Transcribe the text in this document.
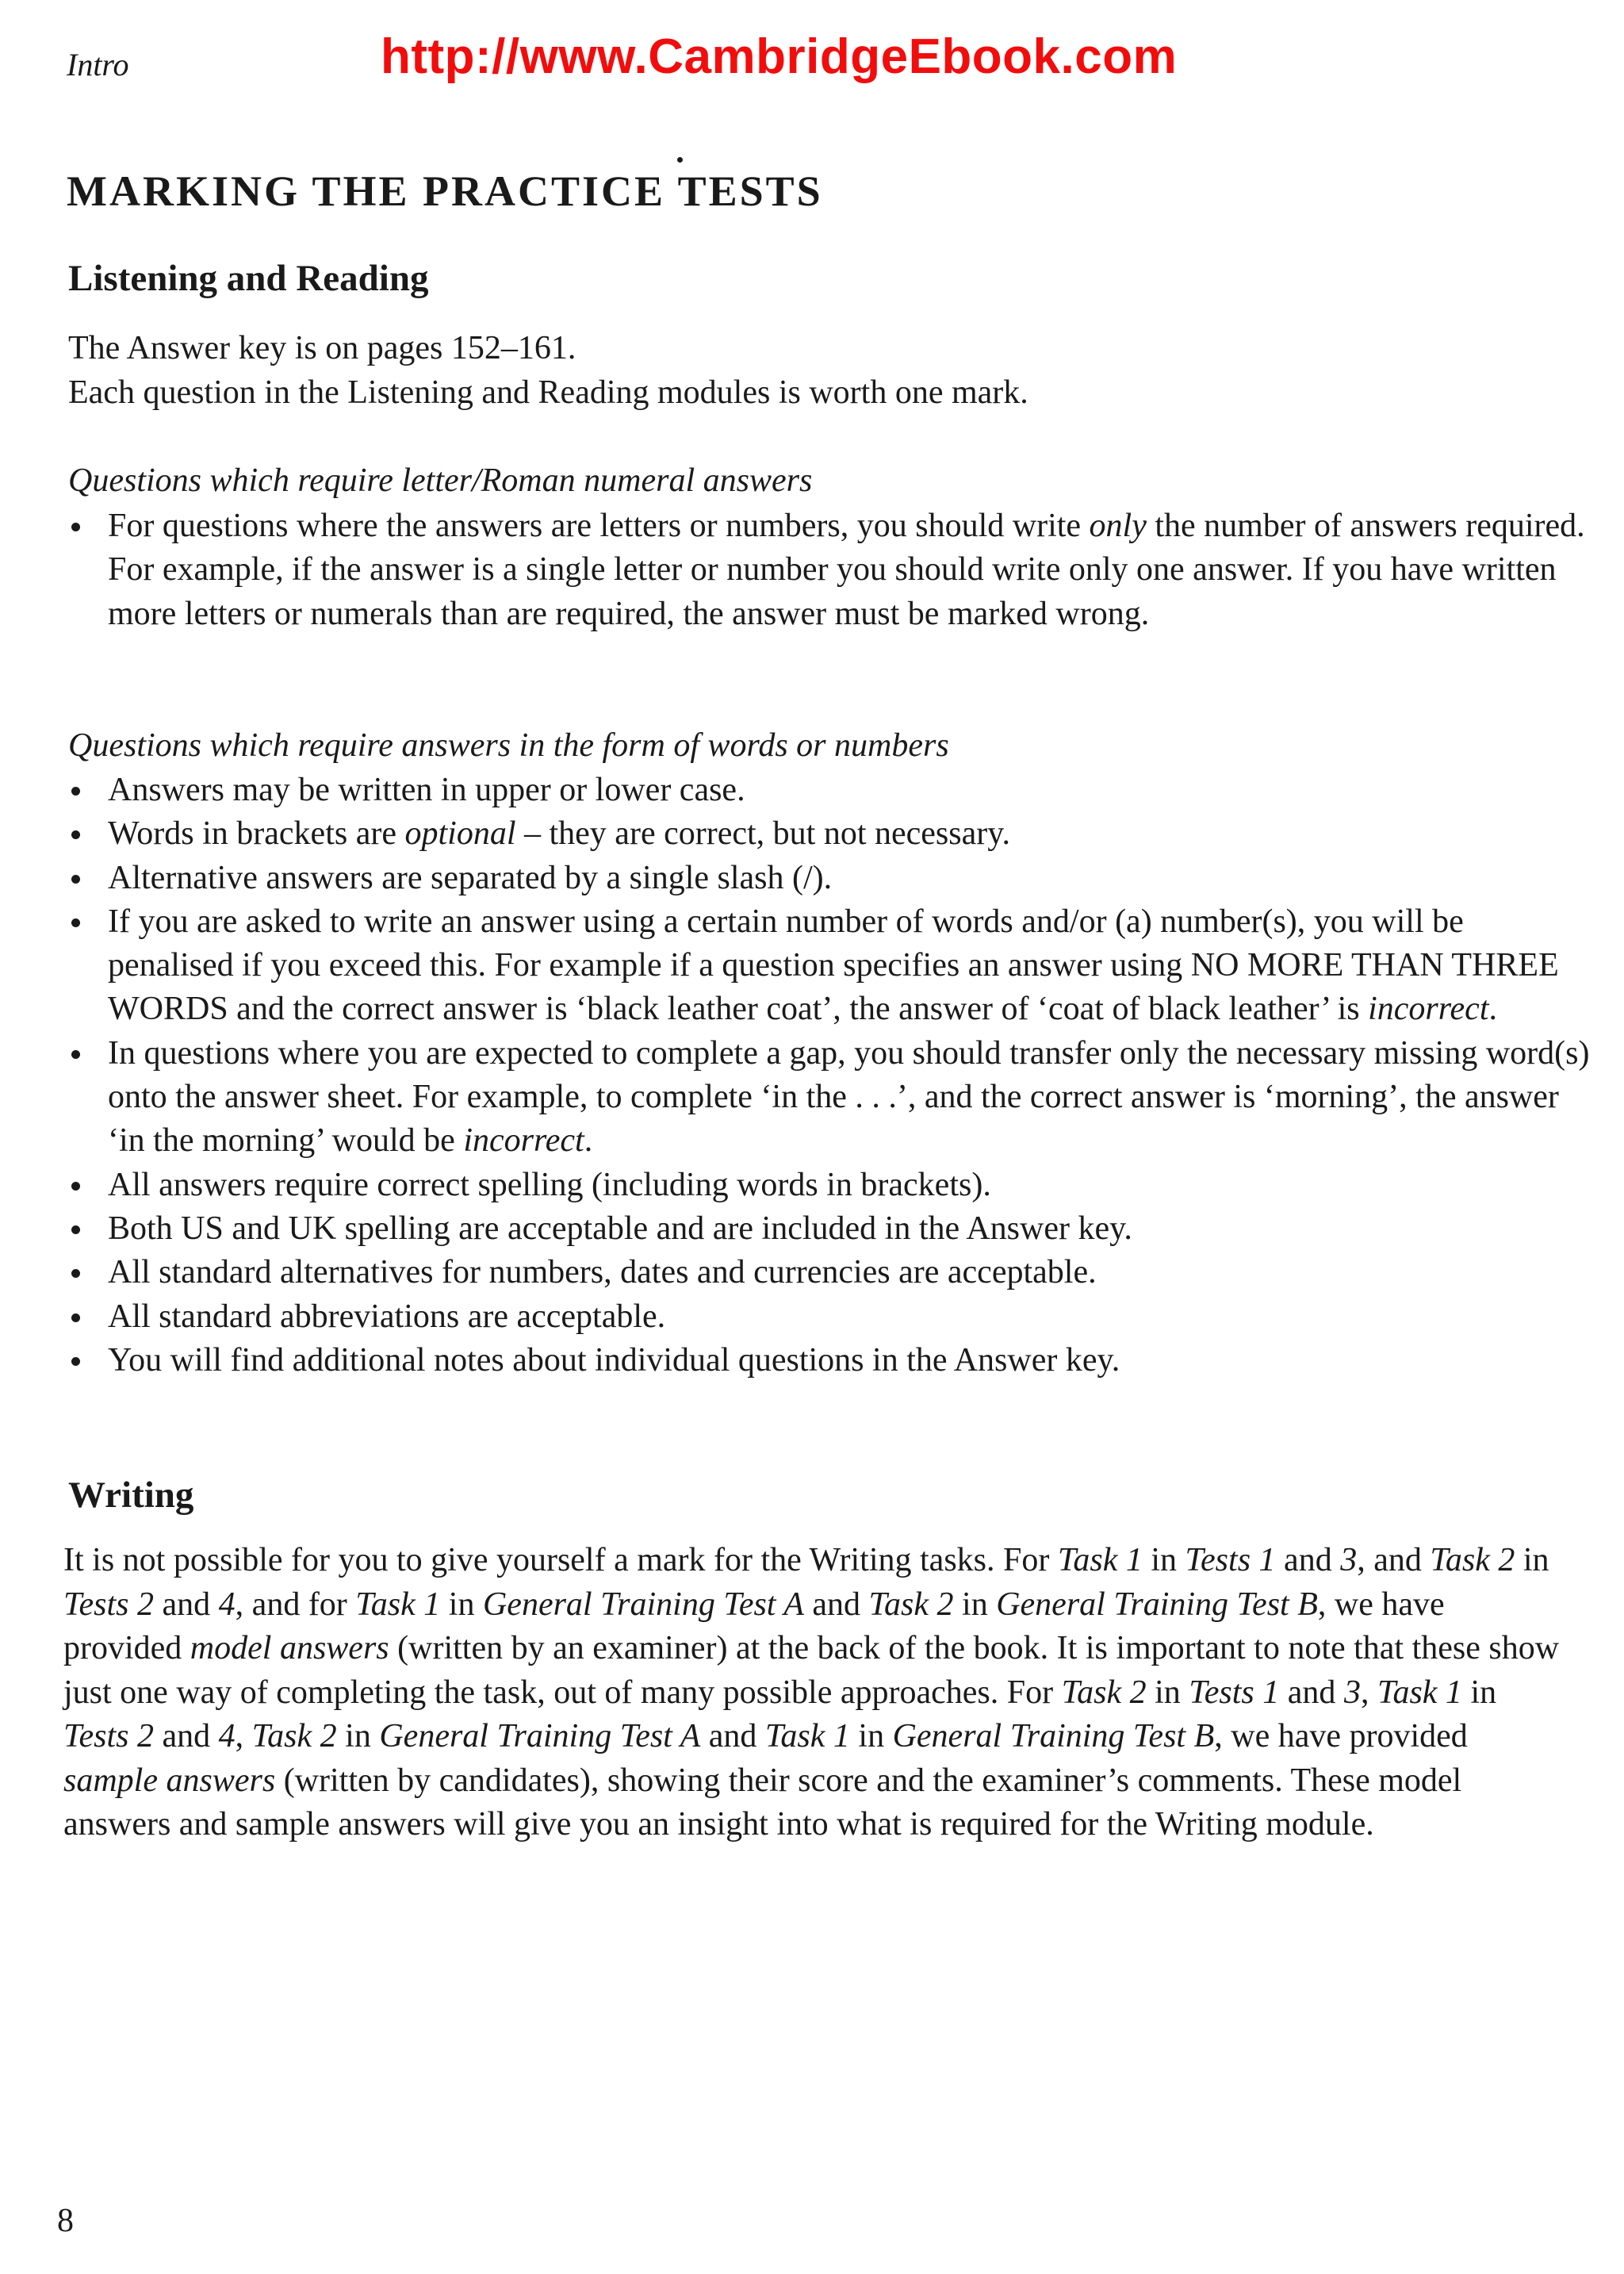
Intro	http://www.CambridgeEbook.com
MARKING THE PRACTICE TESTS
Listening and Reading
The Answer key is on pages 152–161.
Each question in the Listening and Reading modules is worth one mark.
Questions which require letter/Roman numeral answers
For questions where the answers are letters or numbers, you should write only the number of answers required. For example, if the answer is a single letter or number you should write only one answer. If you have written more letters or numerals than are required, the answer must be marked wrong.
Questions which require answers in the form of words or numbers
Answers may be written in upper or lower case.
Words in brackets are optional – they are correct, but not necessary.
Alternative answers are separated by a single slash (/).
If you are asked to write an answer using a certain number of words and/or (a) number(s), you will be penalised if you exceed this. For example if a question specifies an answer using NO MORE THAN THREE WORDS and the correct answer is ‘black leather coat’, the answer of ‘coat of black leather’ is incorrect.
In questions where you are expected to complete a gap, you should transfer only the necessary missing word(s) onto the answer sheet. For example, to complete ‘in the . . .’, and the correct answer is ‘morning’, the answer ‘in the morning’ would be incorrect.
All answers require correct spelling (including words in brackets).
Both US and UK spelling are acceptable and are included in the Answer key.
All standard alternatives for numbers, dates and currencies are acceptable.
All standard abbreviations are acceptable.
You will find additional notes about individual questions in the Answer key.
Writing

It is not possible for you to give yourself a mark for the Writing tasks. For Task 1 in Tests 1 and 3, and Task 2 in Tests 2 and 4, and for Task 1 in General Training Test A and Task 2 in General Training Test B, we have provided model answers (written by an examiner) at the back of the book. It is important to note that these show just one way of completing the task, out of many possible approaches. For Task 2 in Tests 1 and 3, Task 1 in Tests 2 and 4, Task 2 in General Training Test A and Task 1 in General Training Test B, we have provided sample answers (written by candidates), showing their score and the examiner’s comments. These model answers and sample answers will give you an insight into what is required for the Writing module.

8
